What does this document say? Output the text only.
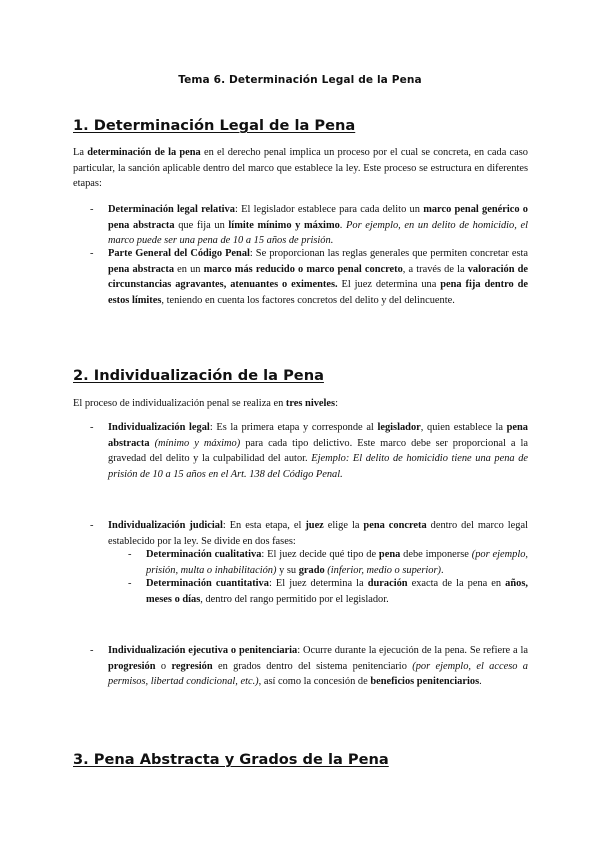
Tema 6. Determinación Legal de la Pena
1. Determinación Legal de la Pena
La determinación de la pena en el derecho penal implica un proceso por el cual se concreta, en cada caso particular, la sanción aplicable dentro del marco que establece la ley. Este proceso se estructura en diferentes etapas:
- Determinación legal relativa: El legislador establece para cada delito un marco penal genérico o pena abstracta que fija un límite mínimo y máximo. Por ejemplo, en un delito de homicidio, el marco puede ser una pena de 10 a 15 años de prisión.
- Parte General del Código Penal: Se proporcionan las reglas generales que permiten concretar esta pena abstracta en un marco más reducido o marco penal concreto, a través de la valoración de circunstancias agravantes, atenuantes o eximentes. El juez determina una pena fija dentro de estos límites, teniendo en cuenta los factores concretos del delito y del delincuente.
2. Individualización de la Pena
El proceso de individualización penal se realiza en tres niveles:
- Individualización legal: Es la primera etapa y corresponde al legislador, quien establece la pena abstracta (mínimo y máximo) para cada tipo delictivo. Este marco debe ser proporcional a la gravedad del delito y la culpabilidad del autor. Ejemplo: El delito de homicidio tiene una pena de prisión de 10 a 15 años en el Art. 138 del Código Penal.
- Individualización judicial: En esta etapa, el juez elige la pena concreta dentro del marco legal establecido por la ley. Se divide en dos fases:
- Determinación cualitativa: El juez decide qué tipo de pena debe imponerse (por ejemplo, prisión, multa o inhabilitación) y su grado (inferior, medio o superior).
- Determinación cuantitativa: El juez determina la duración exacta de la pena en años, meses o días, dentro del rango permitido por el legislador.
- Individualización ejecutiva o penitenciaria: Ocurre durante la ejecución de la pena. Se refiere a la progresión o regresión en grados dentro del sistema penitenciario (por ejemplo, el acceso a permisos, libertad condicional, etc.), así como la concesión de beneficios penitenciarios.
3. Pena Abstracta y Grados de la Pena
